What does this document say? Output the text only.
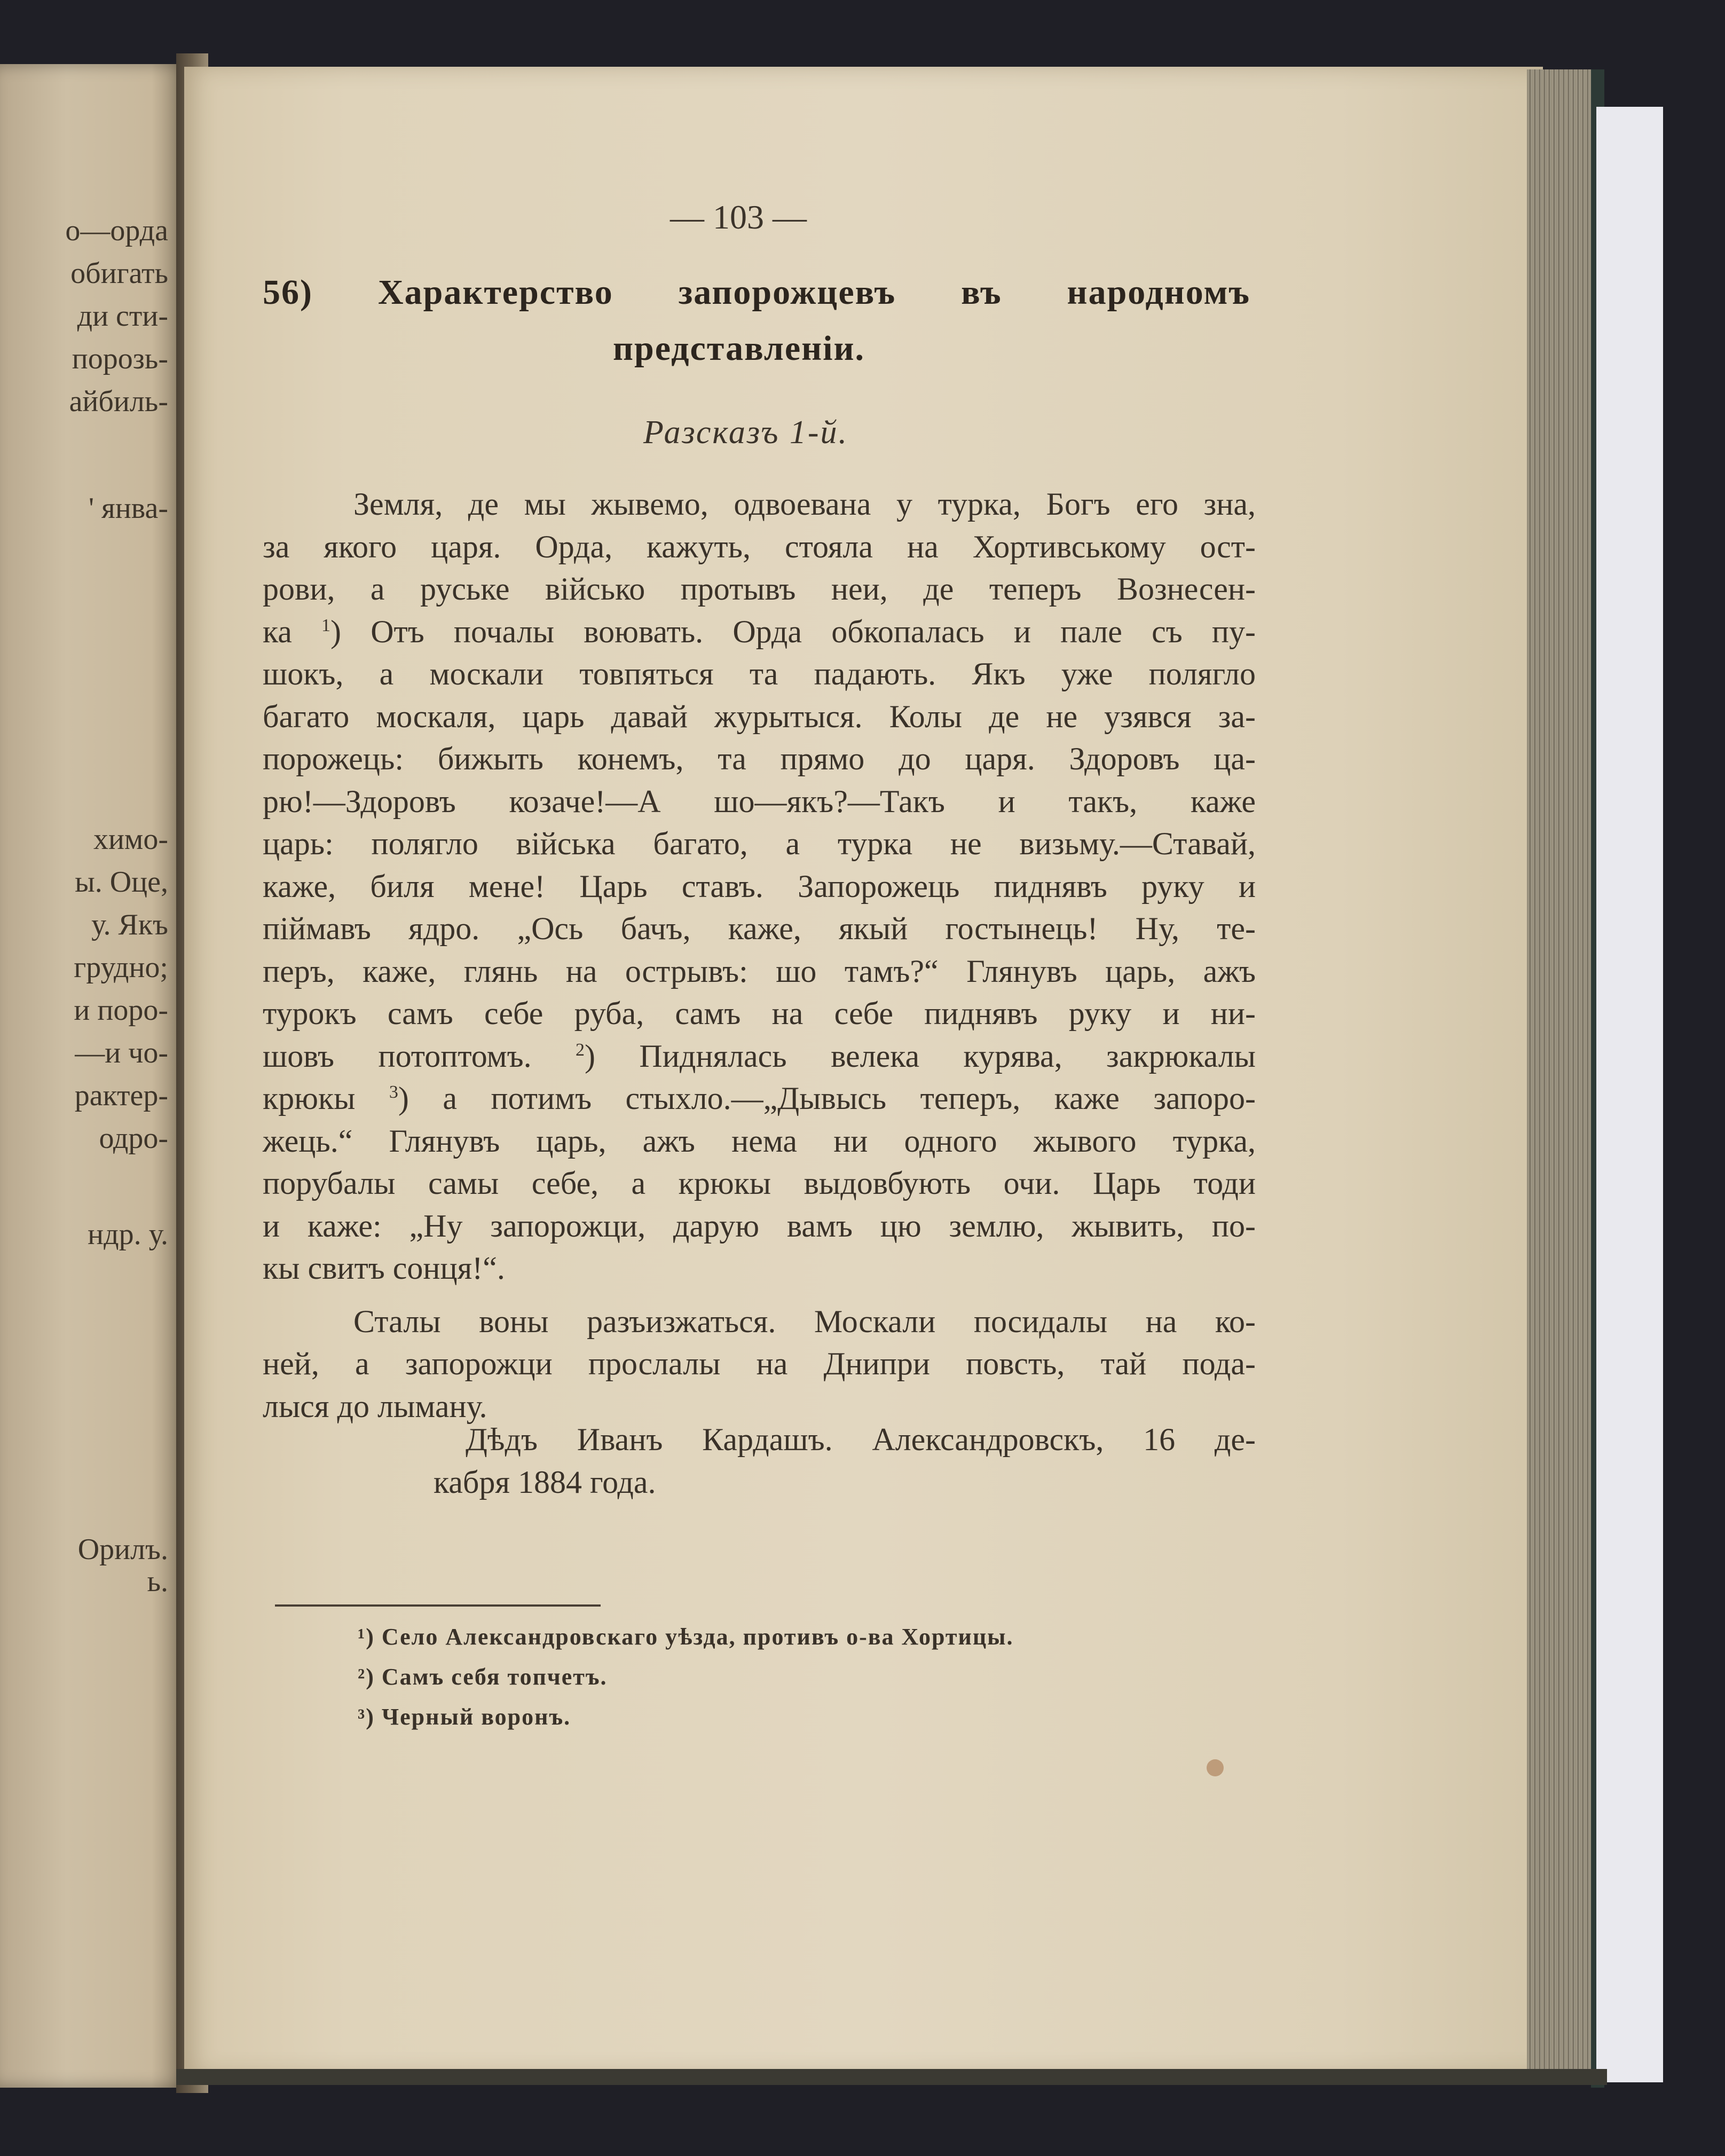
о—орда
обигать
ди сти-
порозь-
айбиль-
' янва-
химо-
ы. Оце,
у. Якъ
грудно;
и поро-
—и чо-
рактер-
одро-
ндр. у.
Орилъ.
ь.
— 103 —
56) Характерство запорожцевъ въ народномъ
представленіи.
Разсказъ 1-й.
Земля, де мы жывемо, одвоевана у турка, Богъ его зна,
за якого царя. Орда, кажуть, стояла на Хортивському ост-
рови, а руське вiйсько протывъ неи, де теперъ Вознесен-
ка $^1$) Отъ почалы воювать. Орда обкопалась и пале съ пу-
шокъ, а москали товпяться та падають. Якъ уже полягло
багато москаля, царь давай журытыся. Колы де не узявся за-
порожець: бижыть конемъ, та прямо до царя. Здоровъ ца-
рю!—Здоровъ козаче!—А шо—якъ?—Такъ и такъ, каже
царь: полягло вiйська багато, а турка не визьму.—Ставай,
каже, биля мене! Царь ставъ. Запорожець пиднявъ руку и
пiймавъ ядро. „Ось бачъ, каже, якый гостынець! Ну, те-
перъ, каже, глянь на острывъ: шо тамъ?“ Глянувъ царь, ажъ
турокъ самъ себе руба, самъ на себе пиднявъ руку и ни-
шовъ потоптомъ. $^2$) Пиднялась велека курява, закрюкалы
крюкы $^3$) а потимъ стыхло.—„Дывысь теперъ, каже запоро-
жець.“ Глянувъ царь, ажъ нема ни одного жывого турка,
порубалы самы себе, а крюкы выдовбують очи. Царь тоди
и каже: „Ну запорожци, дарую вамъ цю землю, жывить, по-
кы свитъ сонця!“.
Сталы воны разъизжаться. Москали посидалы на ко-
ней, а запорожци прослалы на Днипри повсть, тай пода-
лыся до лыману.
Дѣдъ Иванъ Кардашъ. Александровскъ, 16 де-
кабря 1884 года.
¹) Село Александровскаго уѣзда, противъ о-ва Хортицы.
²) Самъ себя топчетъ.
³) Черный воронъ.
